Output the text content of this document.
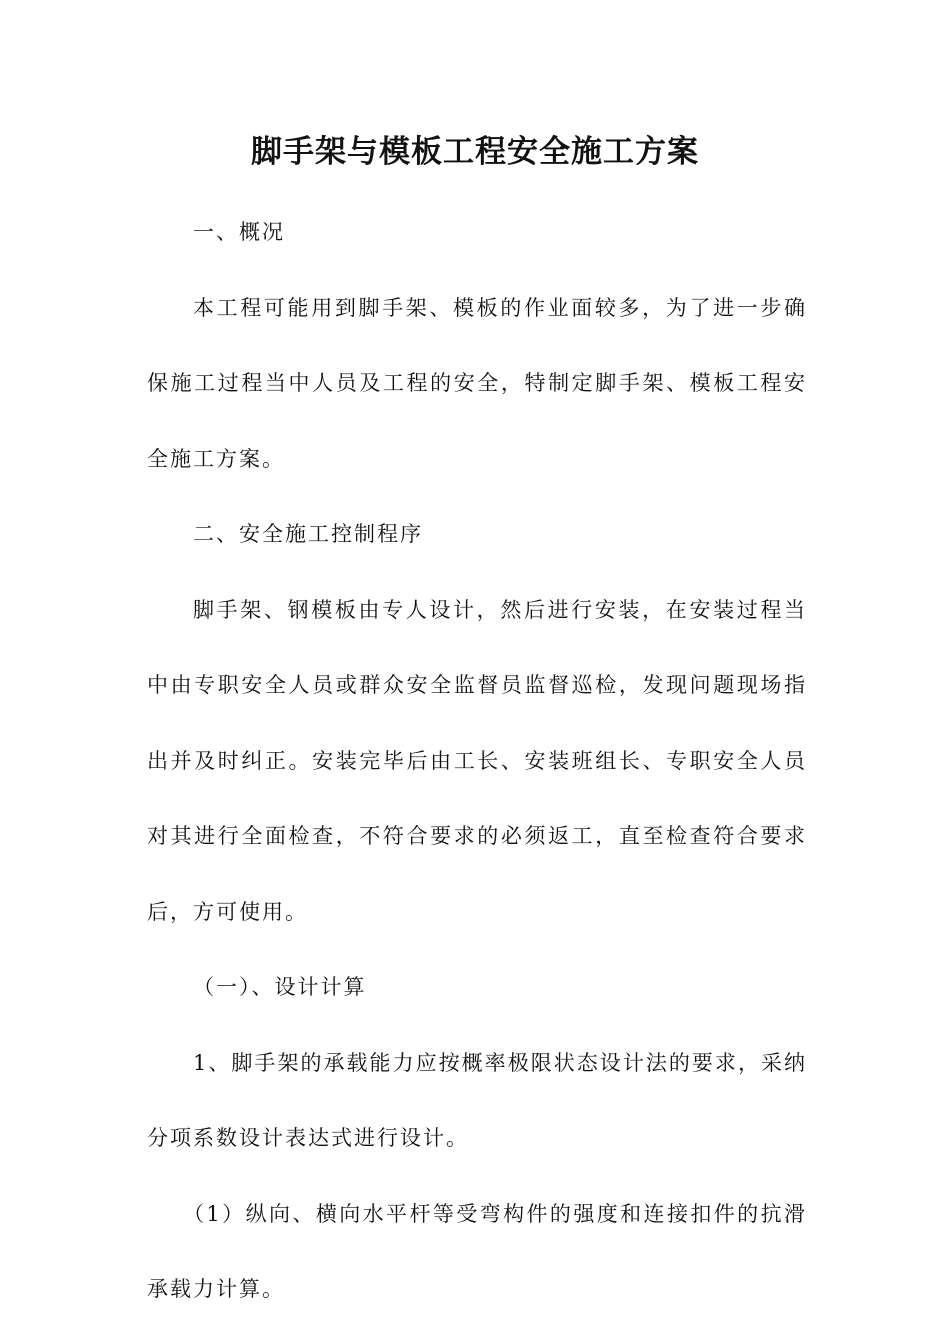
脚手架与模板工程安全施工方案

一、概况

本工程可能用到脚手架、模板的作业面较多，为了进一步确保施工过程当中人员及工程的安全，特制定脚手架、模板工程安全施工方案。

二、安全施工控制程序

脚手架、钢模板由专人设计，然后进行安装，在安装过程当中由专职安全人员或群众安全监督员监督巡检，发现问题现场指出并及时纠正。安装完毕后由工长、安装班组长、专职安全人员对其进行全面检查，不符合要求的必须返工，直至检查符合要求后，方可使用。

（一）、设计计算

1、脚手架的承载能力应按概率极限状态设计法的要求，采纳分项系数设计表达式进行设计。

（1）纵向、横向水平杆等受弯构件的强度和连接扣件的抗滑承载力计算。
